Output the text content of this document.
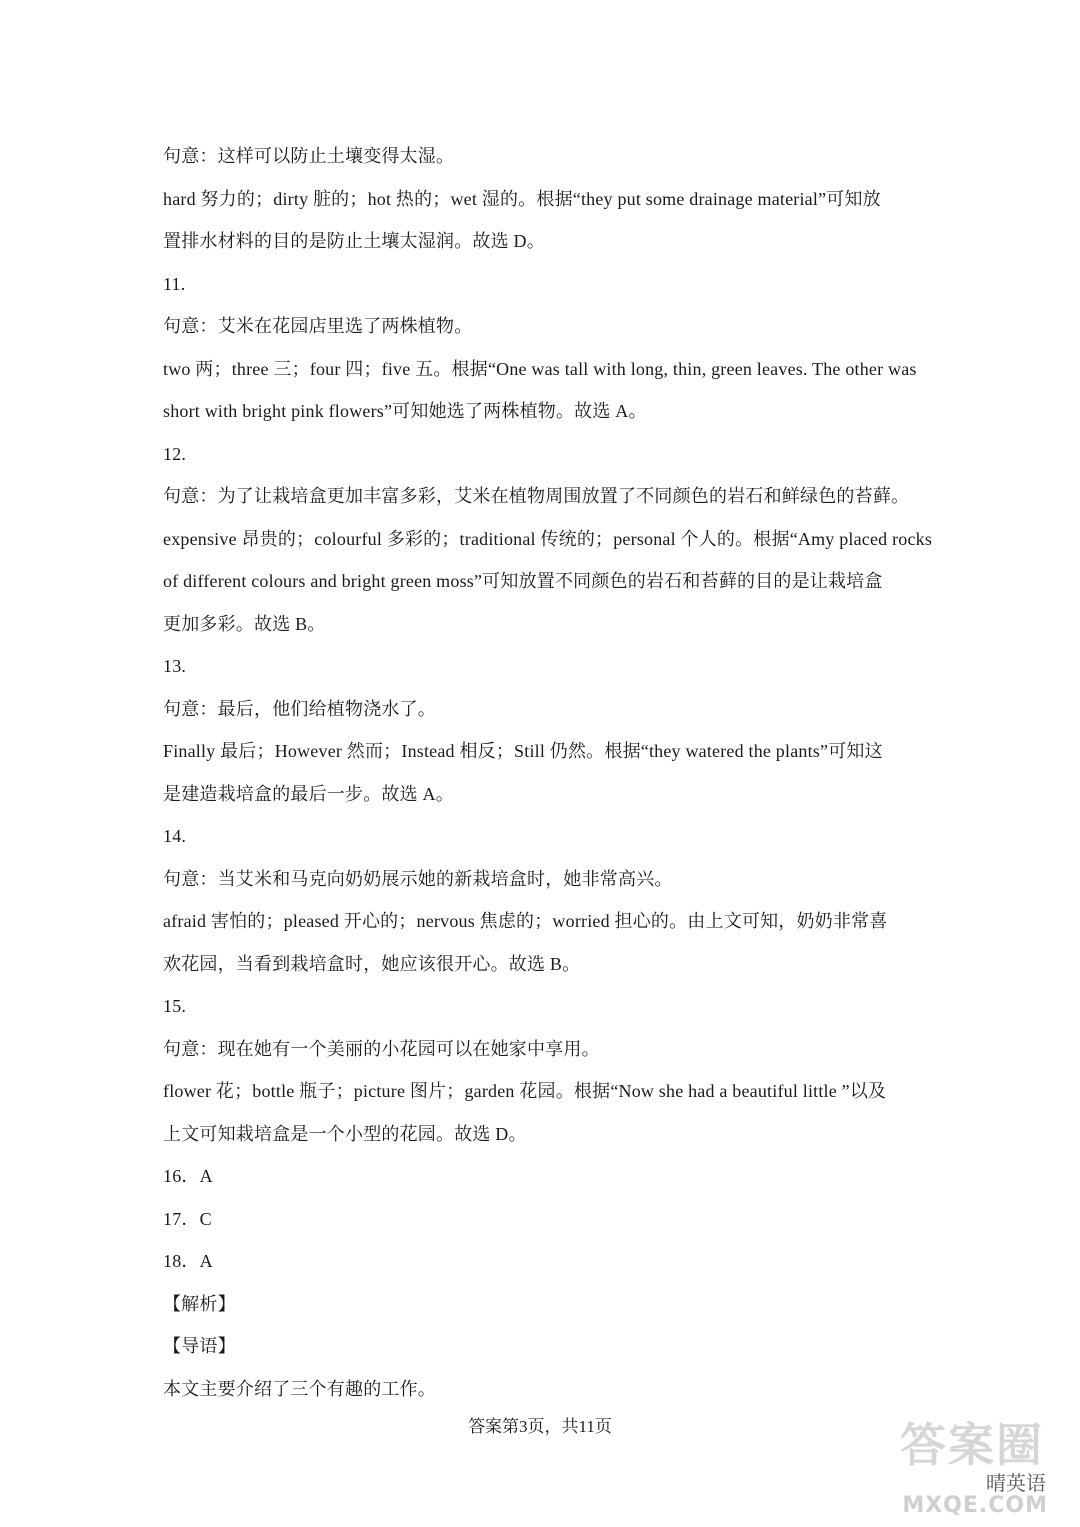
句意：这样可以防止土壤变得太湿。
hard 努力的；dirty 脏的；hot 热的；wet 湿的。根据“they put some drainage material”可知放
置排水材料的目的是防止土壤太湿润。故选 D。
11.
句意：艾米在花园店里选了两株植物。
two 两；three 三；four 四；five 五。根据“One was tall with long, thin, green leaves. The other was
short with bright pink flowers”可知她选了两株植物。故选 A。
12.
句意：为了让栽培盒更加丰富多彩，艾米在植物周围放置了不同颜色的岩石和鲜绿色的苔藓。
expensive 昂贵的；colourful 多彩的；traditional 传统的；personal 个人的。根据“Amy placed rocks
of different colours and bright green moss”可知放置不同颜色的岩石和苔藓的目的是让栽培盒
更加多彩。故选 B。
13.
句意：最后，他们给植物浇水了。
Finally 最后；However 然而；Instead 相反；Still 仍然。根据“they watered the plants”可知这
是建造栽培盒的最后一步。故选 A。
14.
句意：当艾米和马克向奶奶展示她的新栽培盒时，她非常高兴。
afraid 害怕的；pleased 开心的；nervous 焦虑的；worried 担心的。由上文可知，奶奶非常喜
欢花园，当看到栽培盒时，她应该很开心。故选 B。
15.
句意：现在她有一个美丽的小花园可以在她家中享用。
flower 花；bottle 瓶子；picture 图片；garden 花园。根据“Now she had a beautiful little ”以及
上文可知栽培盒是一个小型的花园。故选 D。
16．A
17．C
18．A
【解析】
【导语】
本文主要介绍了三个有趣的工作。
答案第3页，共11页	答案圈
晴英语
MXQE.COM
